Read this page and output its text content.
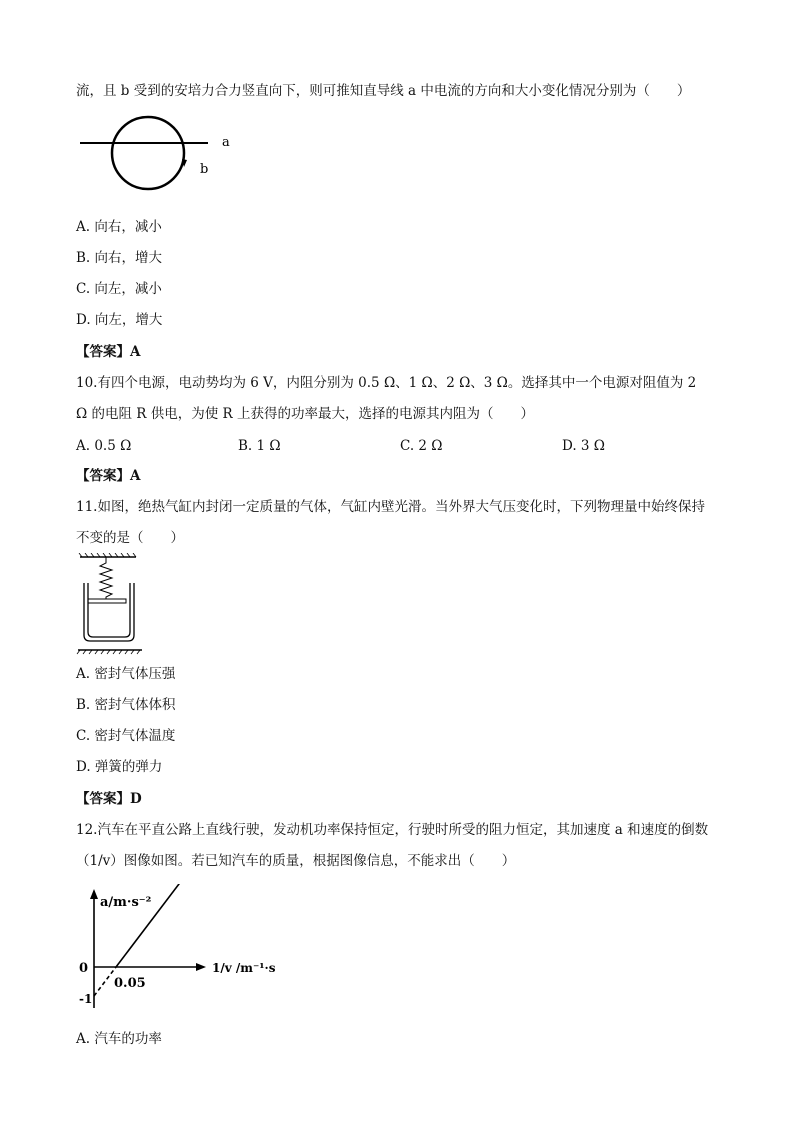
流，且 b 受到的安培力合力竖直向下，则可推知直导线 a 中电流的方向和大小变化情况分别为（　　）
a
b
A. 向右，减小
B. 向右，增大
C. 向左，减小
D. 向左，增大
【答案】A
10.有四个电源，电动势均为 6 V，内阻分别为 0.5 Ω、1 Ω、2 Ω、3 Ω。选择其中一个电源对阻值为 2
Ω 的电阻 R 供电，为使 R 上获得的功率最大，选择的电源其内阻为（　　）
A. 0.5 Ω	B. 1 Ω	C. 2 Ω	D. 3 Ω
【答案】A
11.如图，绝热气缸内封闭一定质量的气体，气缸内壁光滑。当外界大气压变化时，下列物理量中始终保持
不变的是（　　）
A. 密封气体压强
B. 密封气体体积
C. 密封气体温度
D. 弹簧的弹力
【答案】D
12.汽车在平直公路上直线行驶，发动机功率保持恒定，行驶时所受的阻力恒定，其加速度 a 和速度的倒数
（1/v）图像如图。若已知汽车的质量，根据图像信息，不能求出（　　）
a/m·s⁻²
0
-1
0.05
1/v /m⁻¹·s
A. 汽车的功率
